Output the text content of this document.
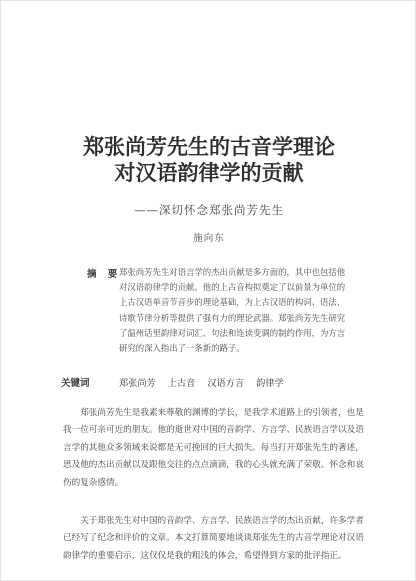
郑张尚芳先生的古音学理论
对汉语韵律学的贡献
——深切怀念郑张尚芳先生
施向东
摘 要

郑张尚芳先生对语言学的杰出贡献是多方面的，其中也包括他对汉语韵律学的贡献。他的上古音构拟奠定了以前景为单位的上古汉语单音节音步的理论基础，为上古汉语的构词、语法、诗歌节律分析等提供了强有力的理论武器。郑张尚芳先生研究了温州话里韵律对词汇、句法和连读变调的制约作用，为方言研究的深入指出了一条新的路子。

关键词	郑张尚芳 上古音 汉语方言 韵律学

郑张尚芳先生是我素来尊敬的渊博的学长，是我学术道路上的引领者，也是我一位可亲可近的朋友。他的逝世对中国的音韵学、方言学、民族语言学以及语言学的其他众多领域来说都是无可挽回的巨大损失。每当打开郑张先生的著述，思及他的杰出贡献以及跟他交往的点点滴滴，我的心头就充满了荣敬、怀念和哀伤的复杂感情。

关于郑张先生对中国的音韵学、方言学、民族语言学的杰出贡献，许多学者已经写了纪念和评价的文章。本文打算简要地谈谈郑张先生的古音学理论对汉语韵律学的重要启示，这仅仅是我的粗浅的体会，希望得到方家的批评指正。
